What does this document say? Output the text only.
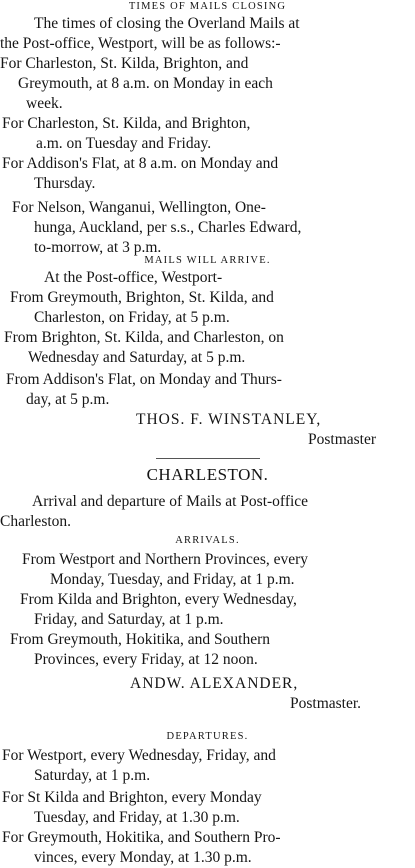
TIMES OF MAILS CLOSING
The times of closing the Overland Mails at
the Post-office, Westport, will be as follows:-
For Charleston, St. Kilda, Brighton, and
Greymouth, at 8 a.m. on Monday in each
week.
For Charleston, St. Kilda, and Brighton,
a.m. on Tuesday and Friday.
For Addison's Flat, at 8 a.m. on Monday and
Thursday.
For Nelson, Wanganui, Wellington, One-
hunga, Auckland, per s.s., Charles Edward,
to-morrow, at 3 p.m.
MAILS WILL ARRIVE.
At the Post-office, Westport-
From Greymouth, Brighton, St. Kilda, and
Charleston, on Friday, at 5 p.m.
From Brighton, St. Kilda, and Charleston, on
Wednesday and Saturday, at 5 p.m.
From Addison's Flat, on Monday and Thurs-
day, at 5 p.m.
THOS. F. WINSTANLEY,
Postmaster
CHARLESTON.
Arrival and departure of Mails at Post-office
Charleston.
ARRIVALS.
From Westport and Northern Provinces, every
Monday, Tuesday, and Friday, at 1 p.m.
From Kilda and Brighton, every Wednesday,
Friday, and Saturday, at 1 p.m.
From Greymouth, Hokitika, and Southern
Provinces, every Friday, at 12 noon.
ANDW. ALEXANDER,
Postmaster.
DEPARTURES.
For Westport, every Wednesday, Friday, and
Saturday, at 1 p.m.
For St Kilda and Brighton, every Monday
Tuesday, and Friday, at 1.30 p.m.
For Greymouth, Hokitika, and Southern Pro-
vinces, every Monday, at 1.30 p.m.
